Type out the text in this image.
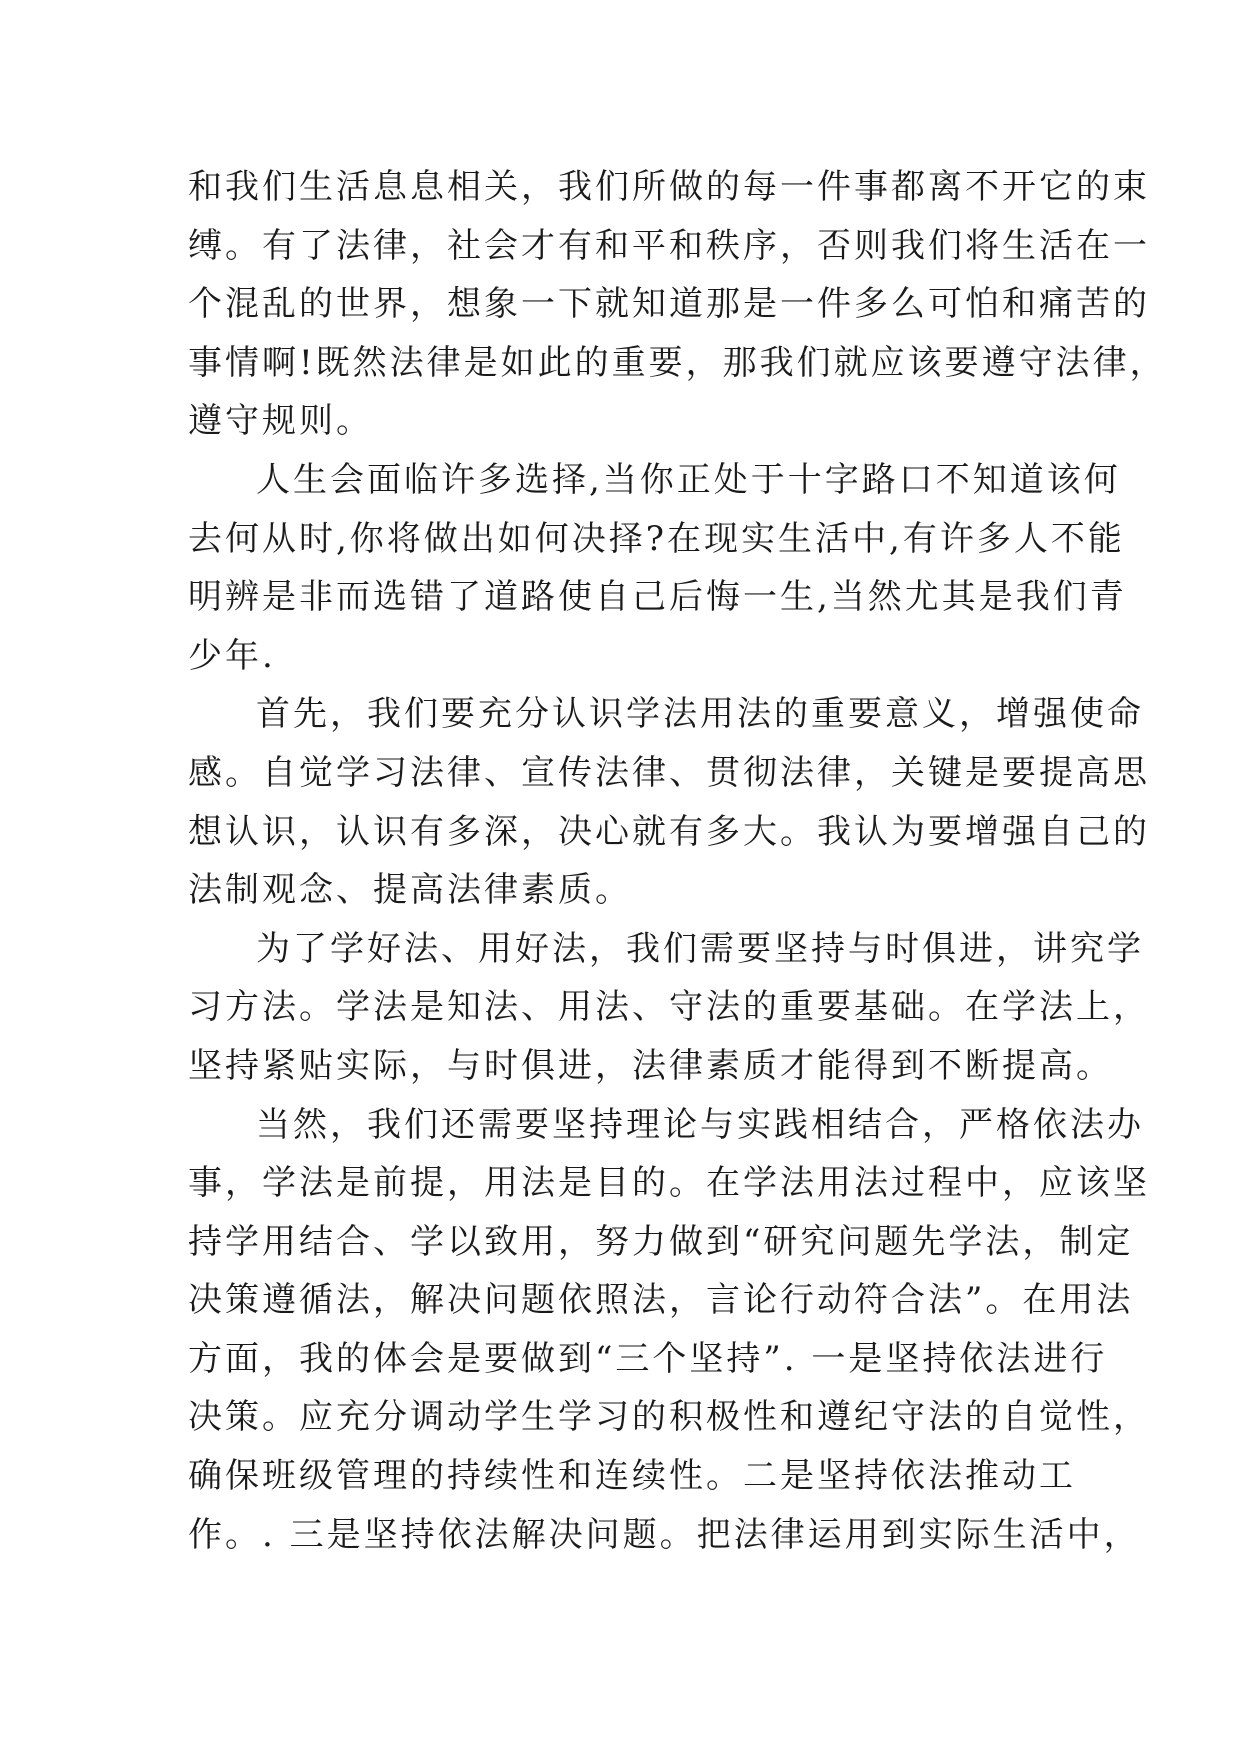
和我们生活息息相关，我们所做的每一件事都离不开它的束
缚。有了法律，社会才有和平和秩序，否则我们将生活在一
个混乱的世界，想象一下就知道那是一件多么可怕和痛苦的
事情啊!既然法律是如此的重要，那我们就应该要遵守法律，
遵守规则。
人生会面临许多选择,当你正处于十字路口不知道该何
去何从时,你将做出如何决择?在现实生活中,有许多人不能
明辨是非而选错了道路使自己后悔一生,当然尤其是我们青
少年.
首先，我们要充分认识学法用法的重要意义，增强使命
感。自觉学习法律、宣传法律、贯彻法律，关键是要提高思
想认识，认识有多深，决心就有多大。我认为要增强自己的
法制观念、提高法律素质。
为了学好法、用好法，我们需要坚持与时俱进，讲究学
习方法。学法是知法、用法、守法的重要基础。在学法上，
坚持紧贴实际，与时俱进，法律素质才能得到不断提高。
当然，我们还需要坚持理论与实践相结合，严格依法办
事，学法是前提，用法是目的。在学法用法过程中，应该坚
持学用结合、学以致用，努力做到“研究问题先学法，制定
决策遵循法，解决问题依照法，言论行动符合法”。在用法
方面，我的体会是要做到“三个坚持”. 一是坚持依法进行
决策。应充分调动学生学习的积极性和遵纪守法的自觉性，
确保班级管理的持续性和连续性。二是坚持依法推动工
作。. 三是坚持依法解决问题。把法律运用到实际生活中，
